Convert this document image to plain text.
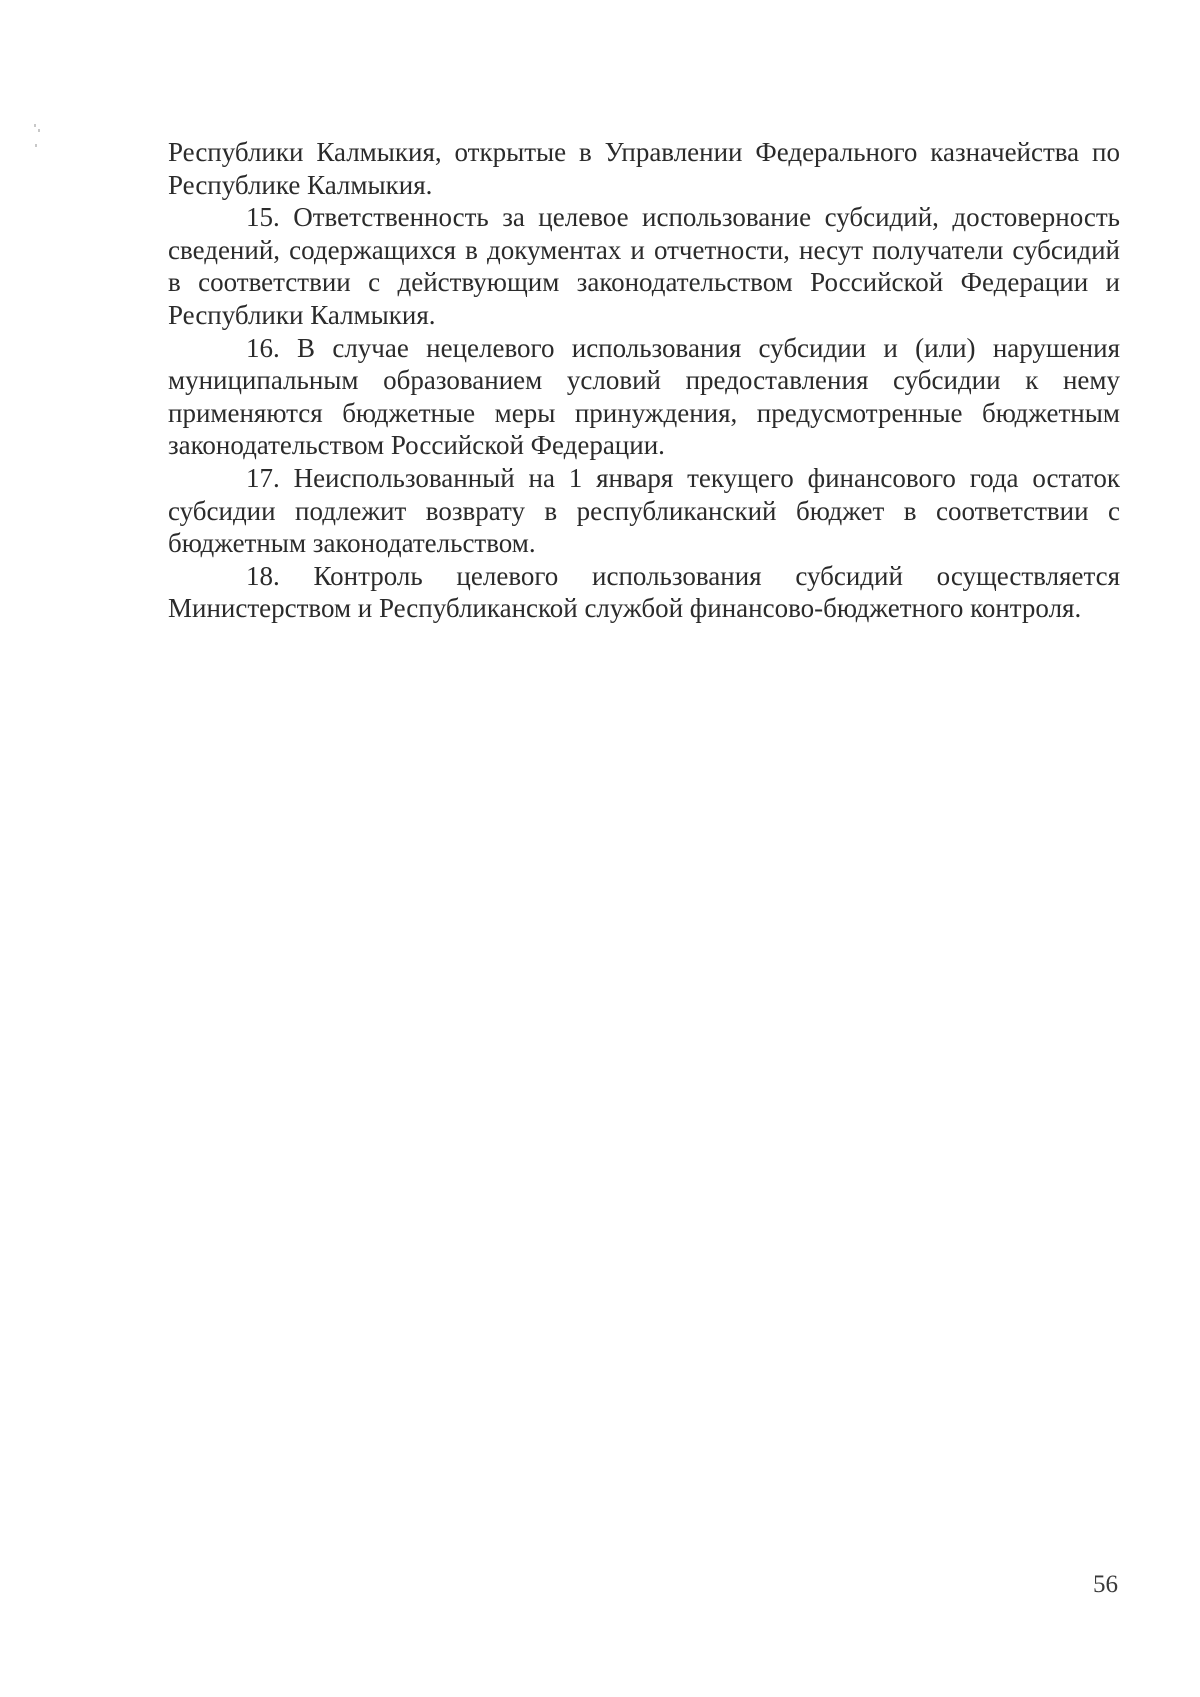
Республики Калмыкия, открытые в Управлении Федерального казначейства по Республике Калмыкия.

15. Ответственность за целевое использование субсидий, достоверность сведений, содержащихся в документах и отчетности, несут получатели субсидий в соответствии с действующим законодательством Российской Федерации и Республики Калмыкия.

16. В случае нецелевого использования субсидии и (или) нарушения муниципальным образованием условий предоставления субсидии к нему применяются бюджетные меры принуждения, предусмотренные бюджетным законодательством Российской Федерации.

17. Неиспользованный на 1 января текущего финансового года остаток субсидии подлежит возврату в республиканский бюджет в соответствии с бюджетным законодательством.

18. Контроль целевого использования субсидий осуществляется Министерством и Республиканской службой финансово-бюджетного контроля.

56
